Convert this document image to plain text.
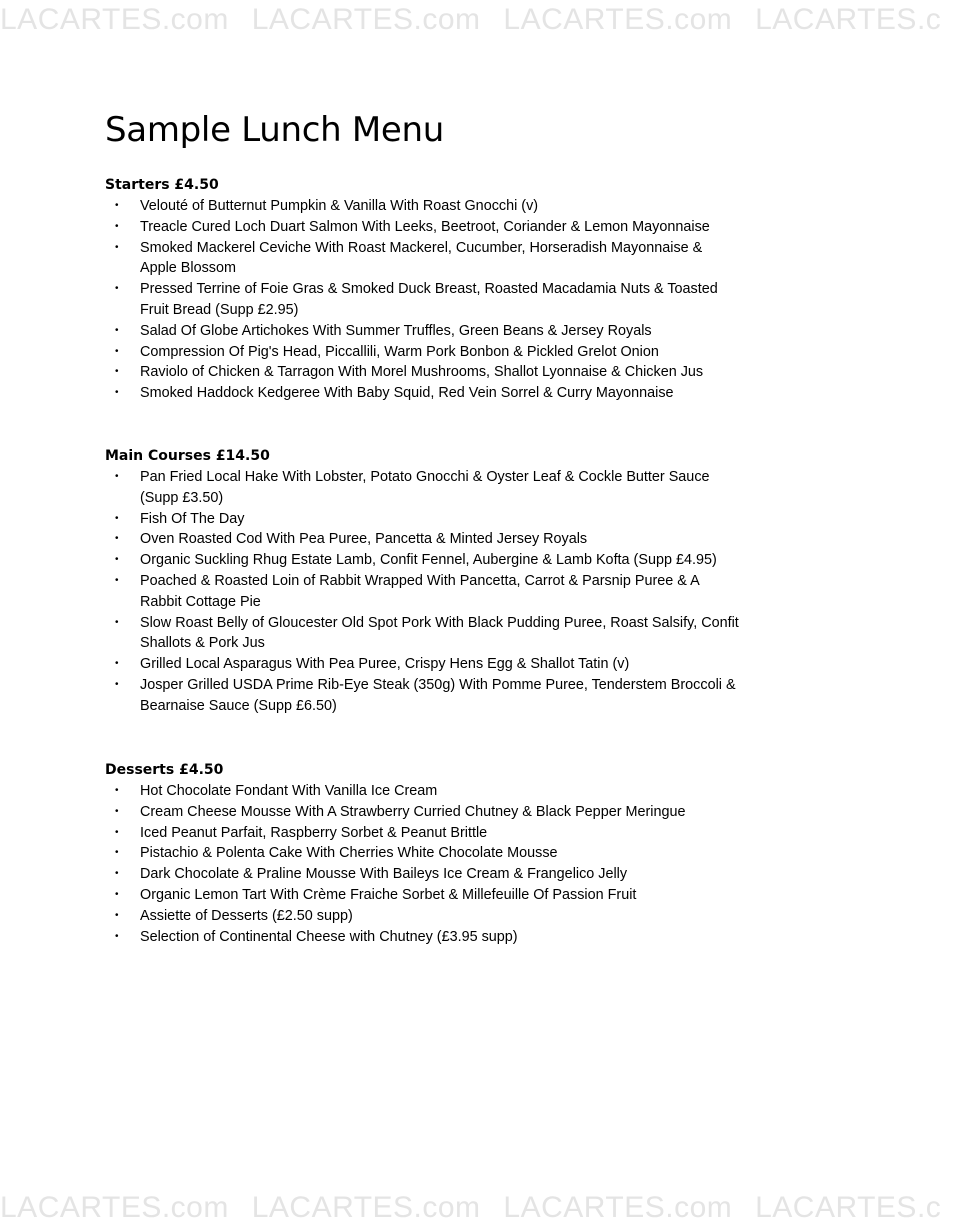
LACARTES.com LACARTES.com LACARTES.com LACARTES.c
Sample Lunch Menu
Starters £4.50
• Velouté of Butternut Pumpkin & Vanilla With Roast Gnocchi (v)
• Treacle Cured Loch Duart Salmon With Leeks, Beetroot, Coriander & Lemon Mayonnaise
• Smoked Mackerel Ceviche With Roast Mackerel, Cucumber, Horseradish Mayonnaise & Apple Blossom
• Pressed Terrine of Foie Gras & Smoked Duck Breast, Roasted Macadamia Nuts & Toasted Fruit Bread (Supp £2.95)
• Salad Of Globe Artichokes With Summer Truffles, Green Beans & Jersey Royals
• Compression Of Pig's Head, Piccallili, Warm Pork Bonbon & Pickled Grelot Onion
• Raviolo of Chicken & Tarragon With Morel Mushrooms, Shallot Lyonnaise & Chicken Jus
• Smoked Haddock Kedgeree With Baby Squid, Red Vein Sorrel & Curry Mayonnaise
Main Courses £14.50
• Pan Fried Local Hake With Lobster, Potato Gnocchi & Oyster Leaf & Cockle Butter Sauce (Supp £3.50)
• Fish Of The Day
• Oven Roasted Cod With Pea Puree, Pancetta & Minted Jersey Royals
• Organic Suckling Rhug Estate Lamb, Confit Fennel, Aubergine & Lamb Kofta (Supp £4.95)
• Poached & Roasted Loin of Rabbit Wrapped With Pancetta, Carrot & Parsnip Puree & A Rabbit Cottage Pie
• Slow Roast Belly of Gloucester Old Spot Pork With Black Pudding Puree, Roast Salsify, Confit Shallots & Pork Jus
• Grilled Local Asparagus With Pea Puree, Crispy Hens Egg & Shallot Tatin (v)
• Josper Grilled USDA Prime Rib-Eye Steak (350g) With Pomme Puree, Tenderstem Broccoli & Bearnaise Sauce (Supp £6.50)
Desserts £4.50
• Hot Chocolate Fondant With Vanilla Ice Cream
• Cream Cheese Mousse With A Strawberry Curried Chutney & Black Pepper Meringue
• Iced Peanut Parfait, Raspberry Sorbet & Peanut Brittle
• Pistachio & Polenta Cake With Cherries White Chocolate Mousse
• Dark Chocolate & Praline Mousse With Baileys Ice Cream & Frangelico Jelly
• Organic Lemon Tart With Crème Fraiche Sorbet & Millefeuille Of Passion Fruit
• Assiette of Desserts (£2.50 supp)
• Selection of Continental Cheese with Chutney (£3.95 supp)
LACARTES.com LACARTES.com LACARTES.com LACARTES.c
